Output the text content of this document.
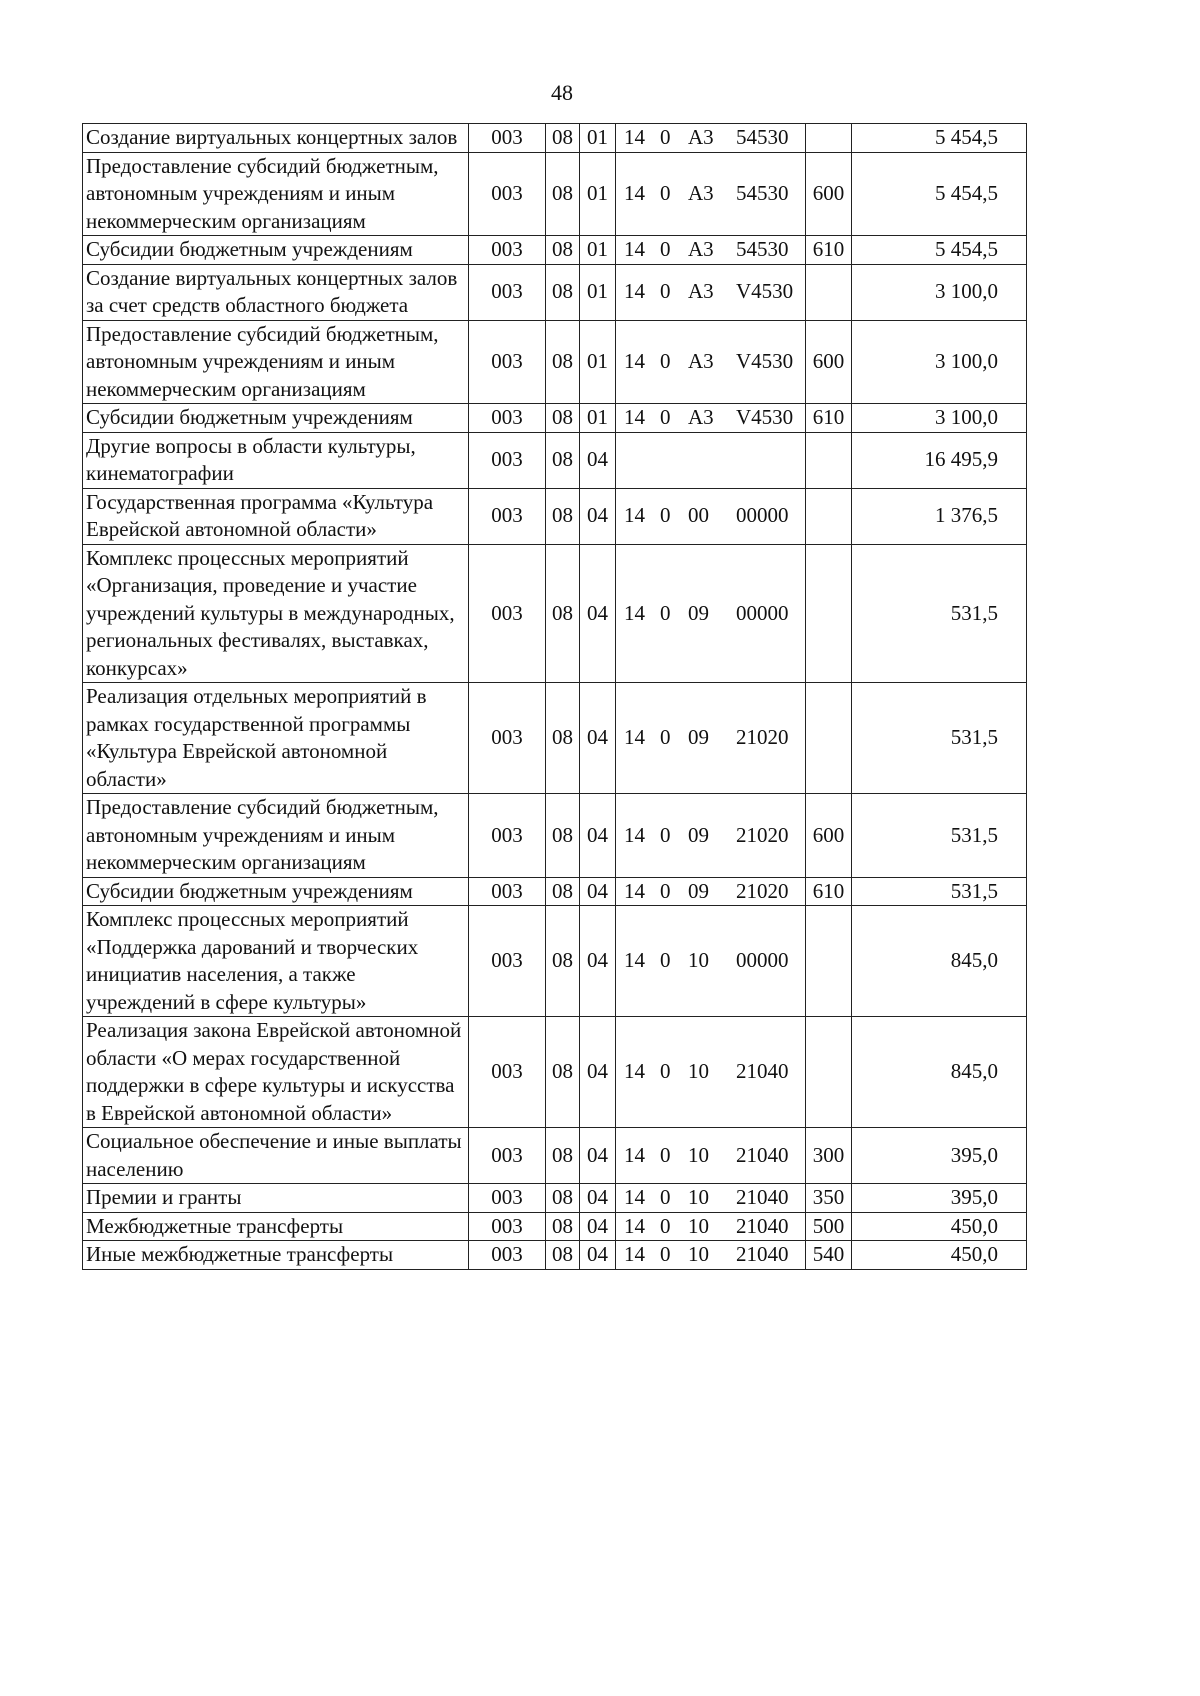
48
Создание виртуальных концертных залов	003	08	01	14 0 А3 54530		5 454,5
Предоставление субсидий бюджетным, автономным учреждениям и иным некоммерческим организациям	003	08	01	14 0 А3 54530	600	5 454,5
Субсидии бюджетным учреждениям	003	08	01	14 0 А3 54530	610	5 454,5
Создание виртуальных концертных залов за счет средств областного бюджета	003	08	01	14 0 А3 V4530		3 100,0
Предоставление субсидий бюджетным, автономным учреждениям и иным некоммерческим организациям	003	08	01	14 0 А3 V4530	600	3 100,0
Субсидии бюджетным учреждениям	003	08	01	14 0 А3 V4530	610	3 100,0
Другие вопросы в области культуры, кинематографии	003	08	04			16 495,9
Государственная программа «Культура Еврейской автономной области»	003	08	04	14 0 00 00000		1 376,5
Комплекс процессных мероприятий «Организация, проведение и участие учреждений культуры в международных, региональных фестивалях, выставках, конкурсах»	003	08	04	14 0 09 00000		531,5
Реализация отдельных мероприятий в рамках государственной программы «Культура Еврейской автономной области»	003	08	04	14 0 09 21020		531,5
Предоставление субсидий бюджетным, автономным учреждениям и иным некоммерческим организациям	003	08	04	14 0 09 21020	600	531,5
Субсидии бюджетным учреждениям	003	08	04	14 0 09 21020	610	531,5
Комплекс процессных мероприятий «Поддержка дарований и творческих инициатив населения, а также учреждений в сфере культуры»	003	08	04	14 0 10 00000		845,0
Реализация закона Еврейской автономной области «О мерах государственной поддержки в сфере культуры и искусства в Еврейской автономной области»	003	08	04	14 0 10 21040		845,0
Социальное обеспечение и иные выплаты населению	003	08	04	14 0 10 21040	300	395,0
Премии и гранты	003	08	04	14 0 10 21040	350	395,0
Межбюджетные трансферты	003	08	04	14 0 10 21040	500	450,0
Иные межбюджетные трансферты	003	08	04	14 0 10 21040	540	450,0
